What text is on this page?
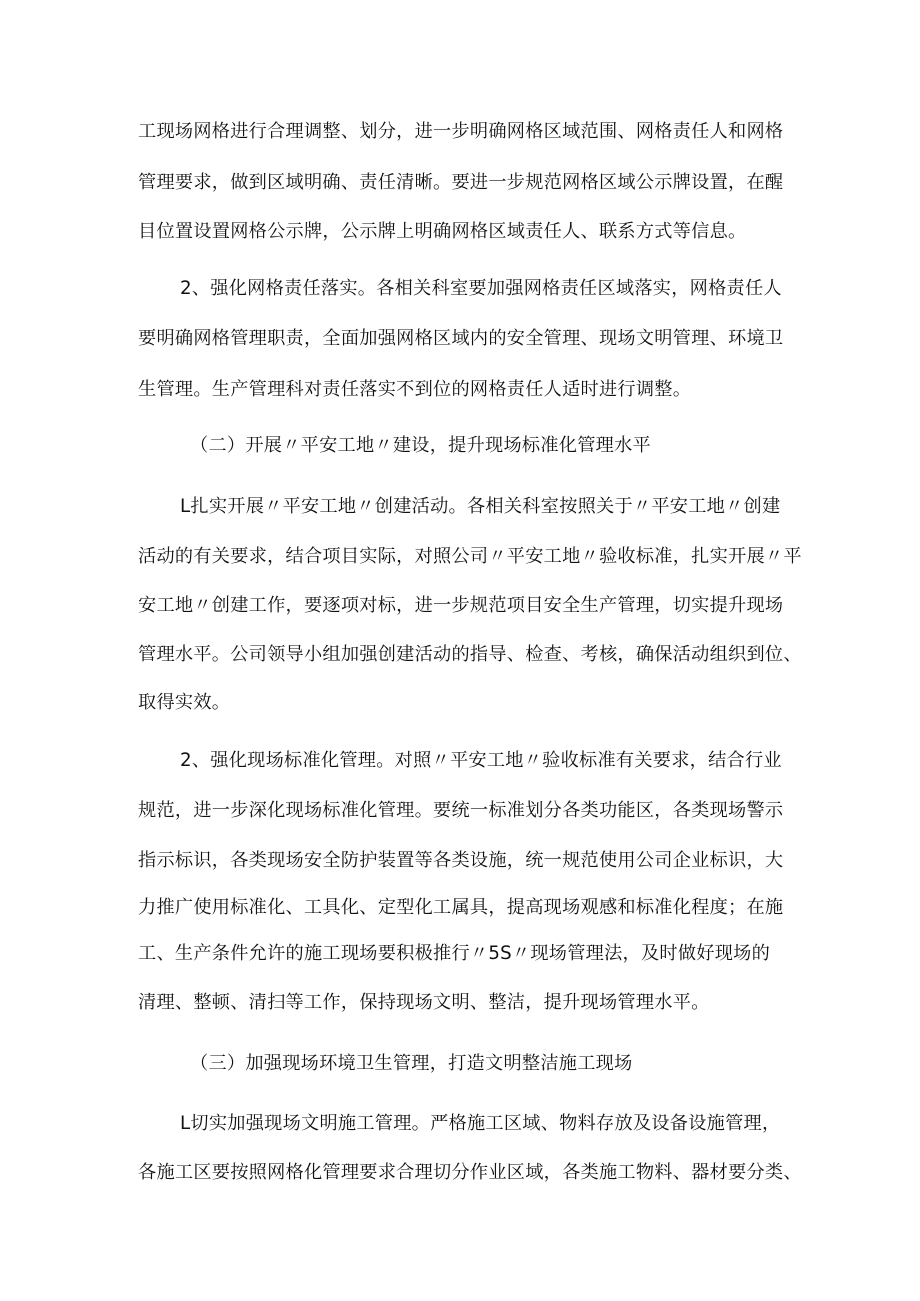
工现场网格进行合理调整、划分，进一步明确网格区域范围、网格责任人和网格
管理要求，做到区域明确、责任清晰。要进一步规范网格区域公示牌设置，在醒
目位置设置网格公示牌，公示牌上明确网格区域责任人、联系方式等信息。
2、强化网格责任落实。各相关科室要加强网格责任区域落实，网格责任人
要明确网格管理职责，全面加强网格区域内的安全管理、现场文明管理、环境卫
生管理。生产管理科对责任落实不到位的网格责任人适时进行调整。
（二）开展〃平安工地〃建设，提升现场标准化管理水平
L扎实开展〃平安工地〃创建活动。各相关科室按照关于〃平安工地〃创建
活动的有关要求，结合项目实际，对照公司〃平安工地〃验收标准，扎实开展〃平
安工地〃创建工作，要逐项对标，进一步规范项目安全生产管理，切实提升现场
管理水平。公司领导小组加强创建活动的指导、检查、考核，确保活动组织到位、
取得实效。
2、强化现场标准化管理。对照〃平安工地〃验收标准有关要求，结合行业
规范，进一步深化现场标准化管理。要统一标准划分各类功能区，各类现场警示
指示标识，各类现场安全防护装置等各类设施，统一规范使用公司企业标识，大
力推广使用标准化、工具化、定型化工属具，提高现场观感和标准化程度；在施
工、生产条件允许的施工现场要积极推行〃5S〃现场管理法，及时做好现场的
清理、整顿、清扫等工作，保持现场文明、整洁，提升现场管理水平。
（三）加强现场环境卫生管理，打造文明整洁施工现场
L切实加强现场文明施工管理。严格施工区域、物料存放及设备设施管理，
各施工区要按照网格化管理要求合理切分作业区域，各类施工物料、器材要分类、
